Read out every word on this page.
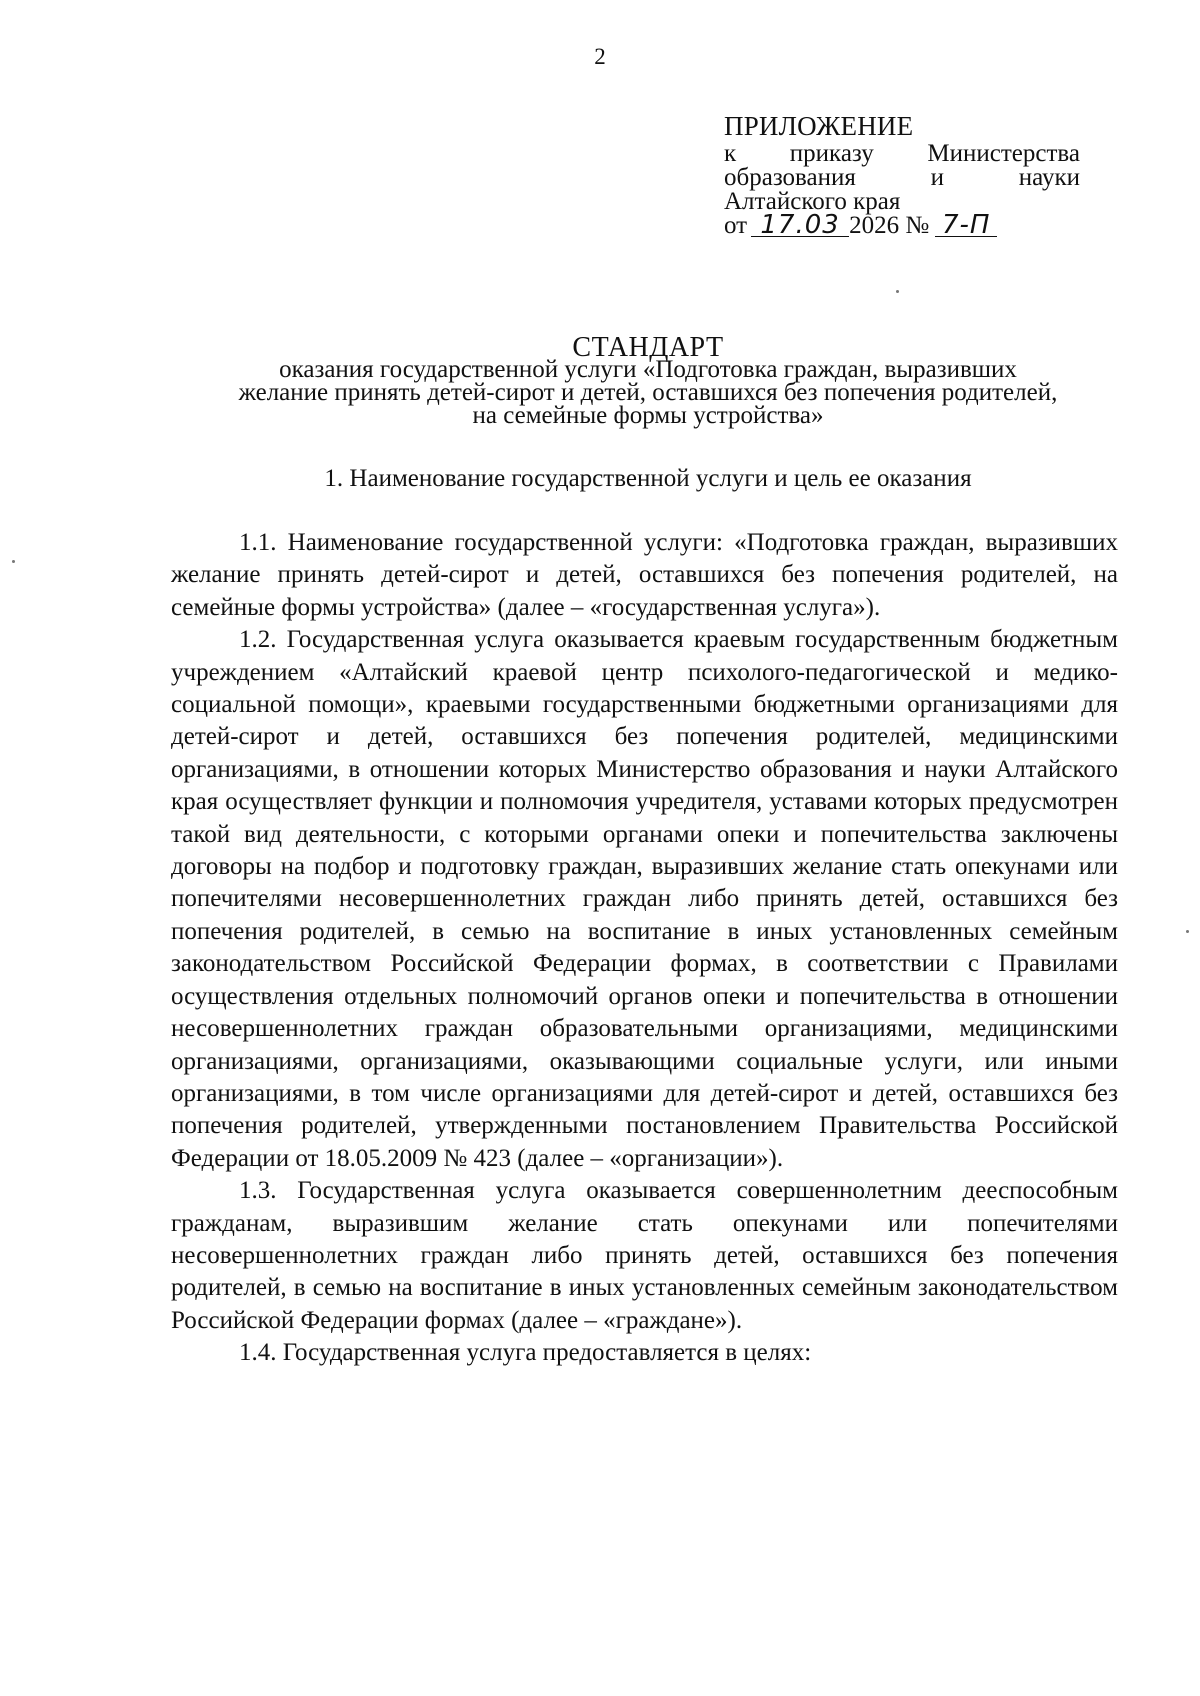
2
ПРИЛОЖЕНИЕ
к приказу Министерства
образования	и	науки
Алтайского края
от 17.03 2026 № 7-П
СТАНДАРТ
оказания государственной услуги «Подготовка граждан, выразивших
желание принять детей-сирот и детей, оставшихся без попечения родителей,
на семейные формы устройства»
1. Наименование государственной услуги и цель ее оказания

1.1. Наименование государственной услуги: «Подготовка граждан, выразивших желание принять детей-сирот и детей, оставшихся без попечения родителей, на семейные формы устройства» (далее – «государственная услуга»).

1.2. Государственная услуга оказывается краевым государственным бюджетным учреждением «Алтайский краевой центр психолого-педагогической и медико-социальной помощи», краевыми государственными бюджетными организациями для детей-сирот и детей, оставшихся без попечения родителей, медицинскими организациями, в отношении которых Министерство образования и науки Алтайского края осуществляет функции и полномочия учредителя, уставами которых предусмотрен такой вид деятельности, с которыми органами опеки и попечительства заключены договоры на подбор и подготовку граждан, выразивших желание стать опекунами или попечителями несовершеннолетних граждан либо принять детей, оставшихся без попечения родителей, в семью на воспитание в иных установленных семейным законодательством Российской Федерации формах, в соответствии с Правилами осуществления отдельных полномочий органов опеки и попечительства в отношении несовершеннолетних граждан образовательными организациями, медицинскими организациями, организациями, оказывающими социальные услуги, или иными организациями, в том числе организациями для детей-сирот и детей, оставшихся без попечения родителей, утвержденными постановлением Правительства Российской Федерации от 18.05.2009 № 423 (далее – «организации»).

1.3. Государственная услуга оказывается совершеннолетним дееспособным гражданам, выразившим желание стать опекунами или попечителями несовершеннолетних граждан либо принять детей, оставшихся без попечения родителей, в семью на воспитание в иных установленных семейным законодательством Российской Федерации формах (далее – «граждане»).

1.4. Государственная услуга предоставляется в целях:
